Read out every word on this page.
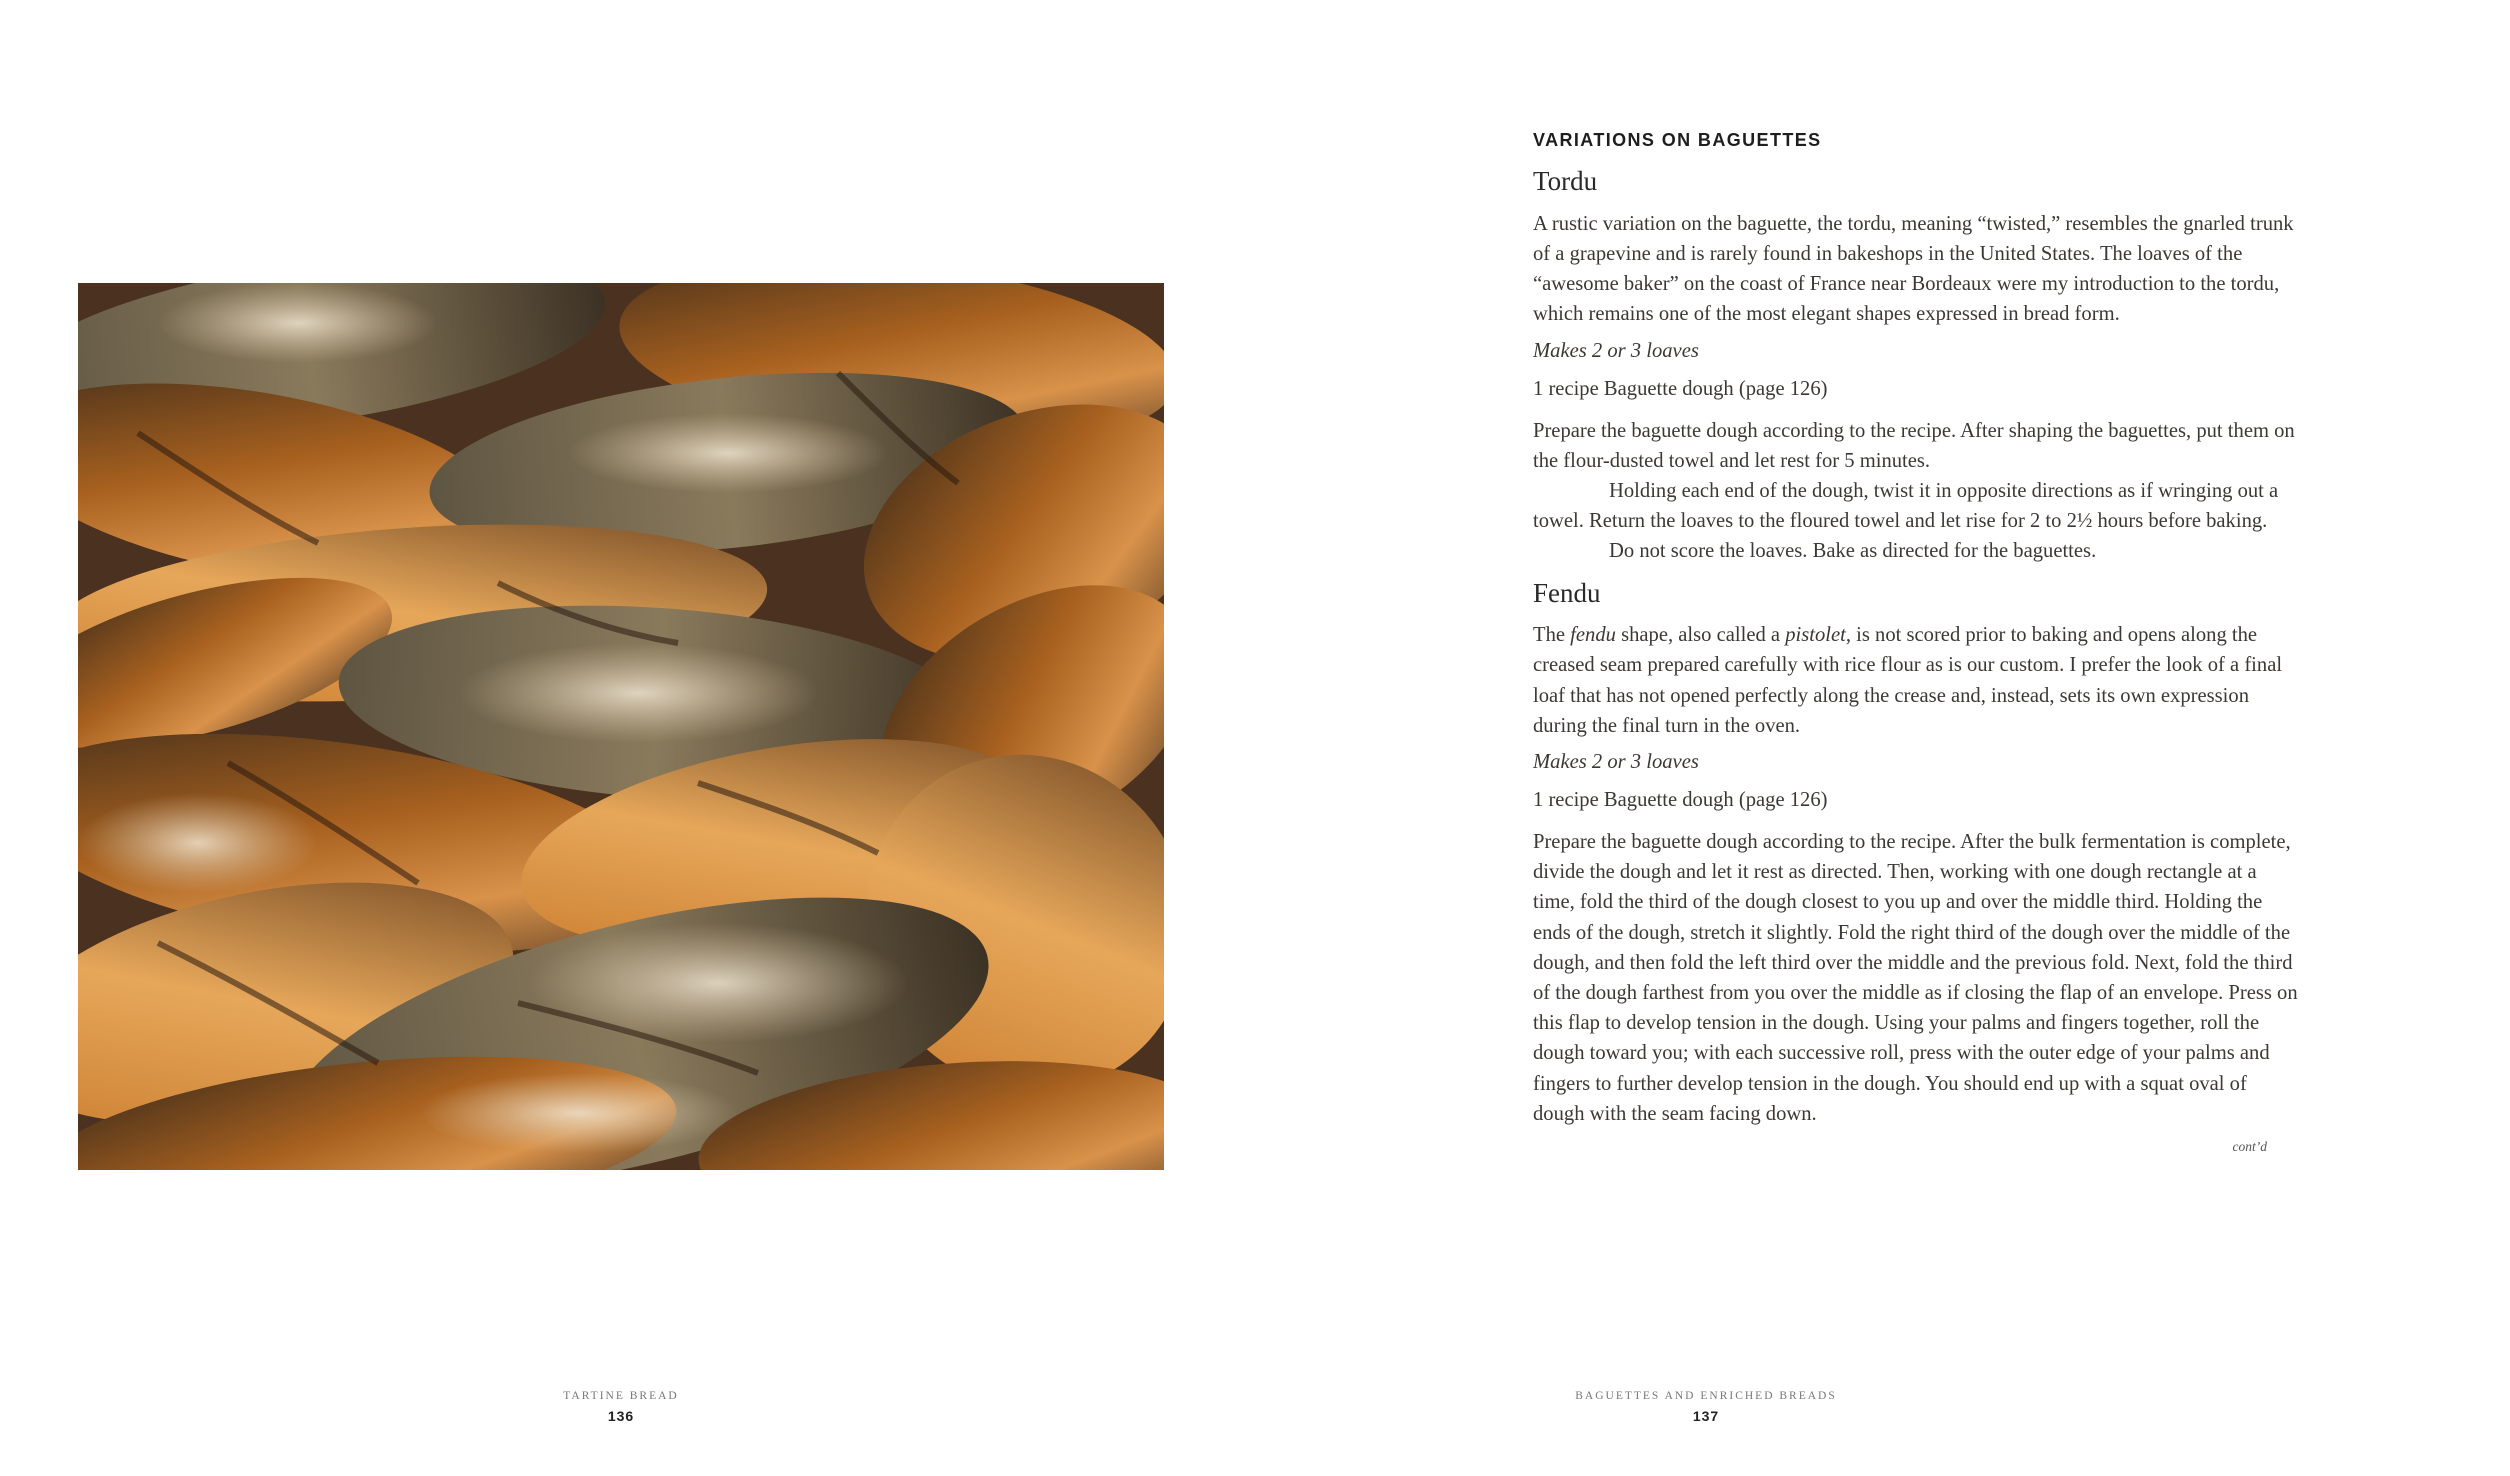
TARTINE BREAD
136
VARIATIONS ON BAGUETTES
Tordu

A rustic variation on the baguette, the tordu, meaning “twisted,” resembles the gnarled trunk of a grapevine and is rarely found in bakeshops in the United States. The loaves of the “awesome baker” on the coast of France near Bordeaux were my introduction to the tordu, which remains one of the most elegant shapes expressed in bread form.

Makes 2 or 3 loaves
1 recipe Baguette dough (page 126)

Prepare the baguette dough according to the recipe. After shaping the baguettes, put them on the flour-dusted towel and let rest for 5 minutes.

Holding each end of the dough, twist it in opposite directions as if wringing out a towel. Return the loaves to the floured towel and let rise for 2 to 2½ hours before baking.

Do not score the loaves. Bake as directed for the baguettes.

Fendu

The fendu shape, also called a pistolet, is not scored prior to baking and opens along the creased seam prepared carefully with rice flour as is our custom. I prefer the look of a final loaf that has not opened perfectly along the crease and, instead, sets its own expression during the final turn in the oven.

Makes 2 or 3 loaves
1 recipe Baguette dough (page 126)

Prepare the baguette dough according to the recipe. After the bulk fermentation is complete, divide the dough and let it rest as directed. Then, working with one dough rectangle at a time, fold the third of the dough closest to you up and over the middle third. Holding the ends of the dough, stretch it slightly. Fold the right third of the dough over the middle of the dough, and then fold the left third over the middle and the previous fold. Next, fold the third of the dough farthest from you over the middle as if closing the flap of an envelope. Press on this flap to develop tension in the dough. Using your palms and fingers together, roll the dough toward you; with each successive roll, press with the outer edge of your palms and fingers to further develop tension in the dough. You should end up with a squat oval of dough with the seam facing down.

cont’d
BAGUETTES AND ENRICHED BREADS
137
